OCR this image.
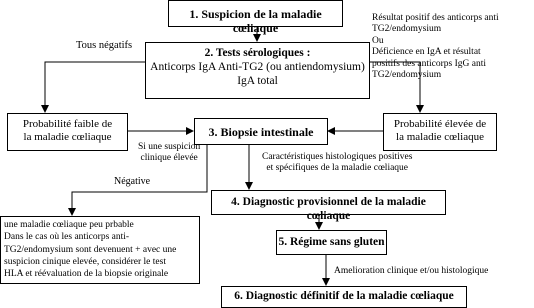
1. Suspicion de la maladie cœliaque
2. Tests sérologiques :
Anticorps IgA Anti-TG2 (ou antiendomysium)
IgA total
Probabilité faible de
la maladie cœliaque
Probabilité élevée de
la maladie cœliaque
3. Biopsie intestinale
4. Diagnostic provisionnel de la maladie cœliaque
une maladie cœliaque peu prbable
Dans le cas où les anticorps anti-
TG2/endomysium sont devenuent + avec une
suspicion cinique elevée, considérer le test
HLA et réévaluation de la biopsie originale
5. Régime sans gluten
6. Diagnostic définitif de la maladie cœliaque
Tous négatifs
Résultat positif des anticorps anti
TG2/endomysium
Ou
Déficience en IgA et résultat
positifs des anticorps IgG anti
TG2/endomysium
Si une suspicion
clinique élevée
Négative
Caractéristiques histologiques positives
et spécifiques de la maladie cœliaque
Amelioration clinique et/ou histologique
